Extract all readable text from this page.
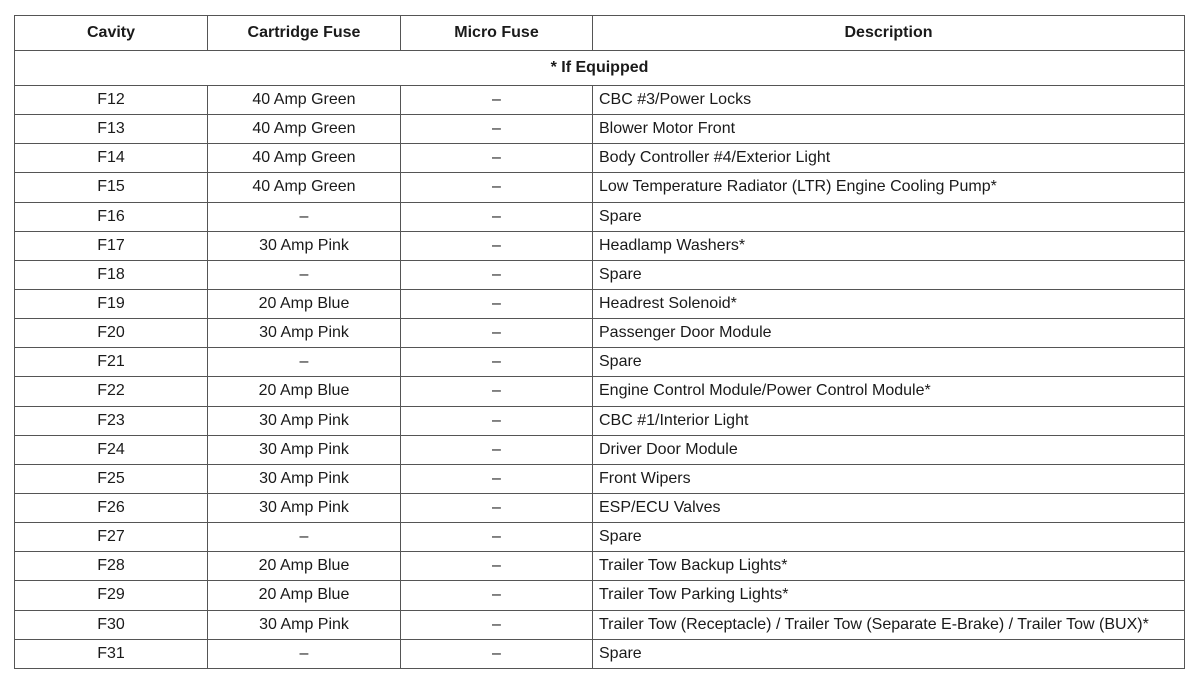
Cavity	Cartridge Fuse	Micro Fuse	Description
* If Equipped			
F12	40 Amp Green	–	CBC #3/Power Locks
F13	40 Amp Green	–	Blower Motor Front
F14	40 Amp Green	–	Body Controller #4/Exterior Light
F15	40 Amp Green	–	Low Temperature Radiator (LTR) Engine Cooling Pump*
F16	–	–	Spare
F17	30 Amp Pink	–	Headlamp Washers*
F18	–	–	Spare
F19	20 Amp Blue	–	Headrest Solenoid*
F20	30 Amp Pink	–	Passenger Door Module
F21	–	–	Spare
F22	20 Amp Blue	–	Engine Control Module/Power Control Module*
F23	30 Amp Pink	–	CBC #1/Interior Light
F24	30 Amp Pink	–	Driver Door Module
F25	30 Amp Pink	–	Front Wipers
F26	30 Amp Pink	–	ESP/ECU Valves
F27	–	–	Spare
F28	20 Amp Blue	–	Trailer Tow Backup Lights*
F29	20 Amp Blue	–	Trailer Tow Parking Lights*
F30	30 Amp Pink	–	Trailer Tow (Receptacle) / Trailer Tow (Separate E-Brake) / Trailer Tow (BUX)*
F31	–	–	Spare
